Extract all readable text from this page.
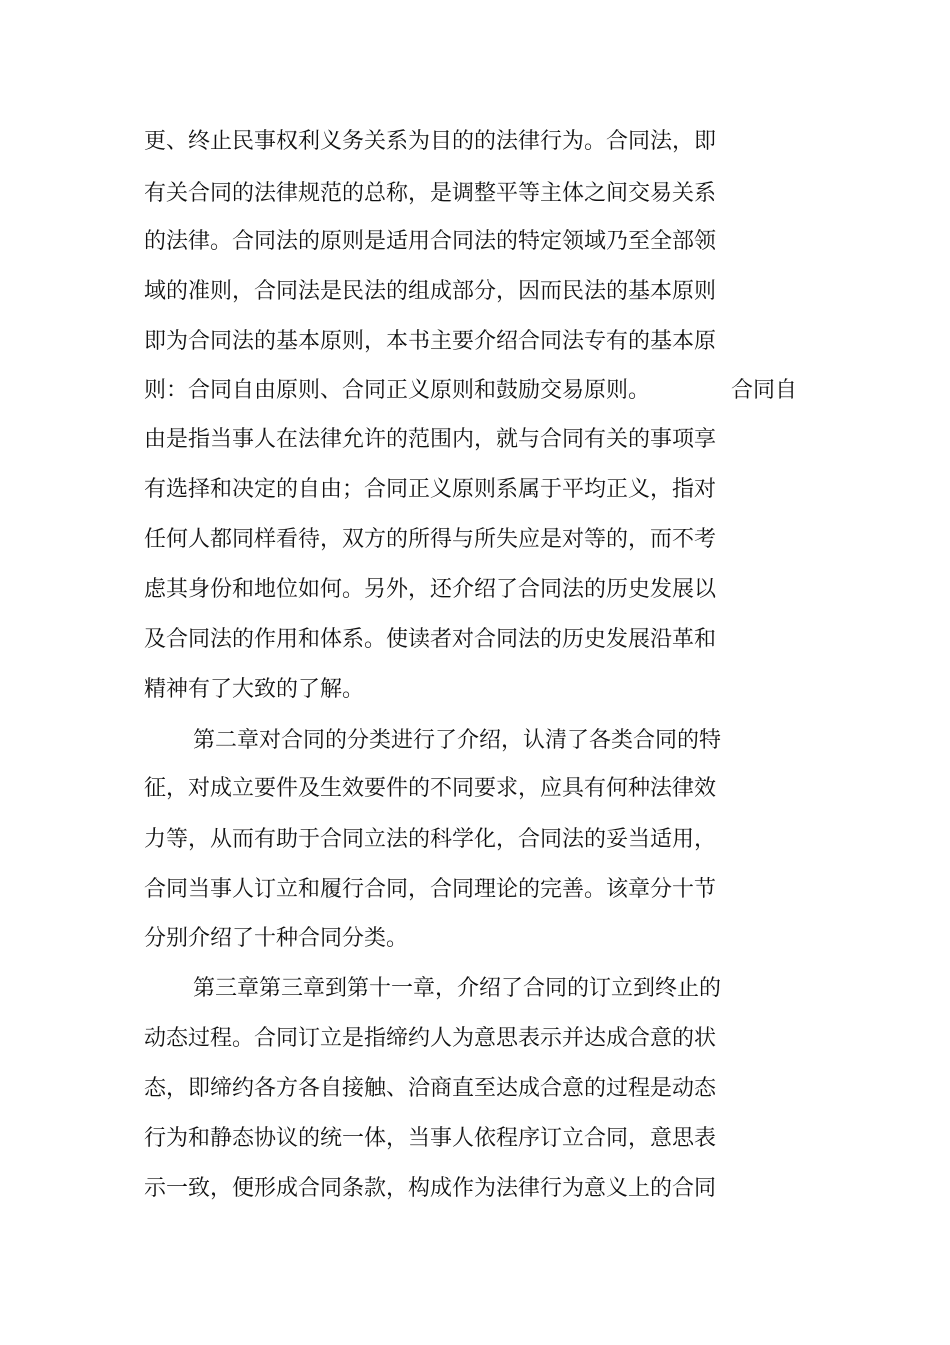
更、终止民事权利义务关系为目的的法律行为。合同法，即
有关合同的法律规范的总称，是调整平等主体之间交易关系
的法律。合同法的原则是适用合同法的特定领域乃至全部领
域的准则，合同法是民法的组成部分，因而民法的基本原则
即为合同法的基本原则，本书主要介绍合同法专有的基本原
则：合同自由原则、合同正义原则和鼓励交易原则。	合同自
由是指当事人在法律允许的范围内，就与合同有关的事项享
有选择和决定的自由；合同正义原则系属于平均正义，指对
任何人都同样看待，双方的所得与所失应是对等的，而不考
虑其身份和地位如何。另外，还介绍了合同法的历史发展以
及合同法的作用和体系。使读者对合同法的历史发展沿革和
精神有了大致的了解。
第二章对合同的分类进行了介绍，认清了各类合同的特
征，对成立要件及生效要件的不同要求，应具有何种法律效
力等，从而有助于合同立法的科学化，合同法的妥当适用，
合同当事人订立和履行合同，合同理论的完善。该章分十节
分别介绍了十种合同分类。
第三章第三章到第十一章，介绍了合同的订立到终止的
动态过程。合同订立是指缔约人为意思表示并达成合意的状
态，即缔约各方各自接触、洽商直至达成合意的过程是动态
行为和静态协议的统一体，当事人依程序订立合同，意思表
示一致，便形成合同条款，构成作为法律行为意义上的合同
